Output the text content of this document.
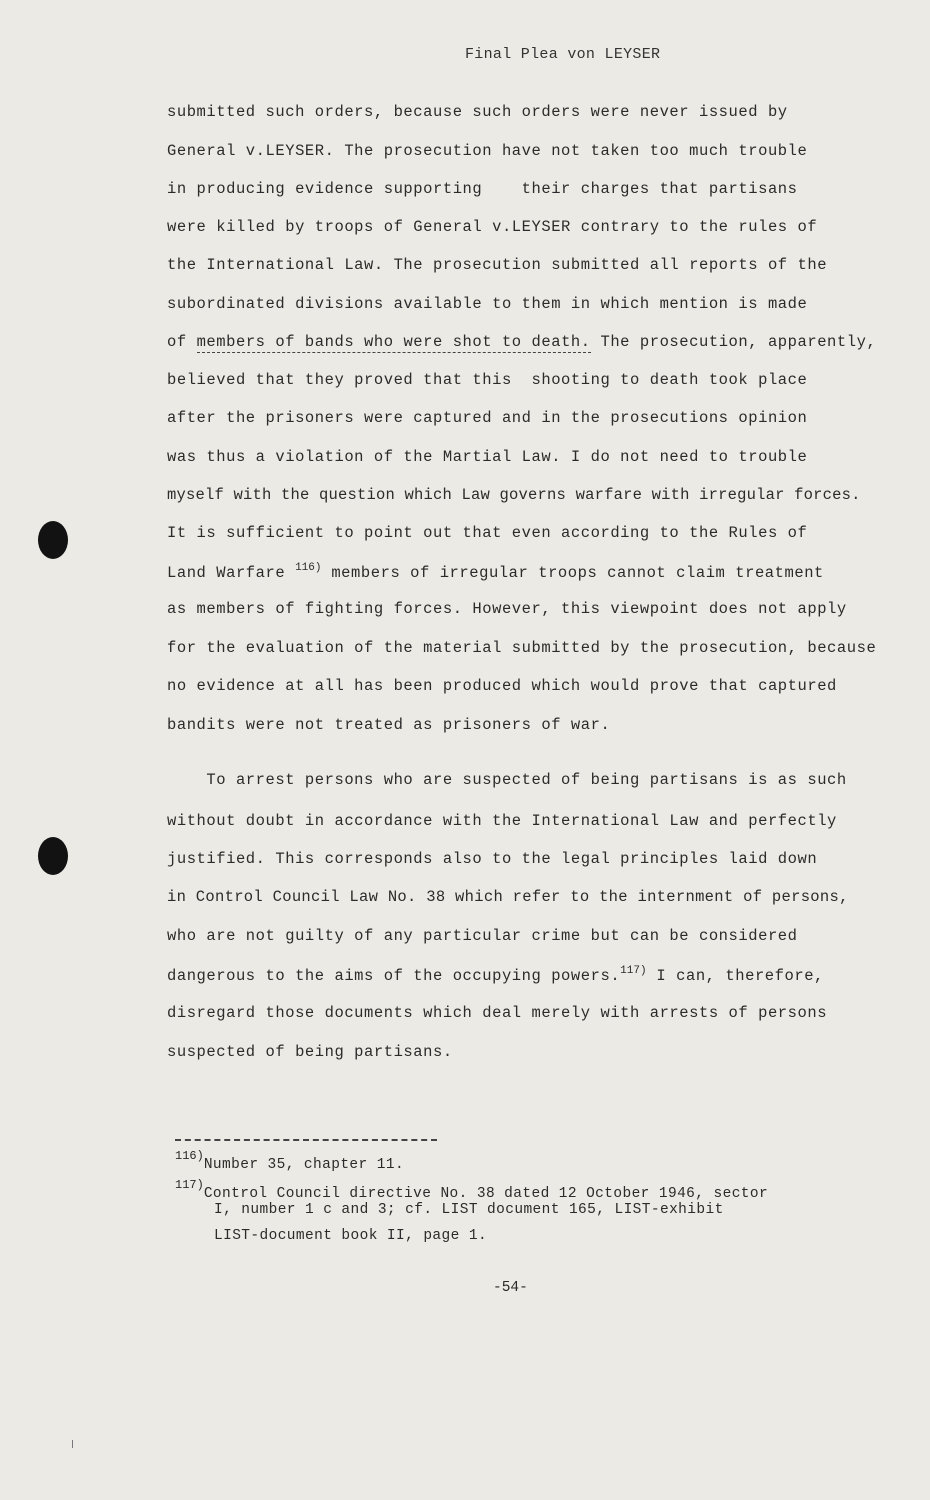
Final Plea von LEYSER
submitted such orders, because such orders were never issued by
General v.LEYSER. The prosecution have not taken too much trouble
in producing evidence supporting    their charges that partisans
were killed by troops of General v.LEYSER contrary to the rules of
the International Law. The prosecution submitted all reports of the
subordinated divisions available to them in which mention is made
of members of bands who were shot to death. The prosecution, apparently,
believed that they proved that this  shooting to death took place
after the prisoners were captured and in the prosecutions opinion
was thus a violation of the Martial Law. I do not need to trouble
myself with the question which Law governs warfare with irregular forces.
It is sufficient to point out that even according to the Rules of
Land Warfare $^{116)}$ members of irregular troops cannot claim treatment
as members of fighting forces. However, this viewpoint does not apply
for the evaluation of the material submitted by the prosecution, because
no evidence at all has been produced which would prove that captured
bandits were not treated as prisoners of war.
To arrest persons who are suspected of being partisans is as such
without doubt in accordance with the International Law and perfectly
justified. This corresponds also to the legal principles laid down
in Control Council Law No. 38 which refer to the internment of persons,
who are not guilty of any particular crime but can be considered
dangerous to the aims of the occupying powers.$^{117)}$ I can, therefore,
disregard those documents which deal merely with arrests of persons
suspected of being partisans.
$^{116)}$Number 35, chapter 11.
$^{117)}$Control Council directive No. 38 dated 12 October 1946, sector
I, number 1 c and 3; cf. LIST document 165, LIST-exhibit
LIST-document book II, page 1.
-54-
